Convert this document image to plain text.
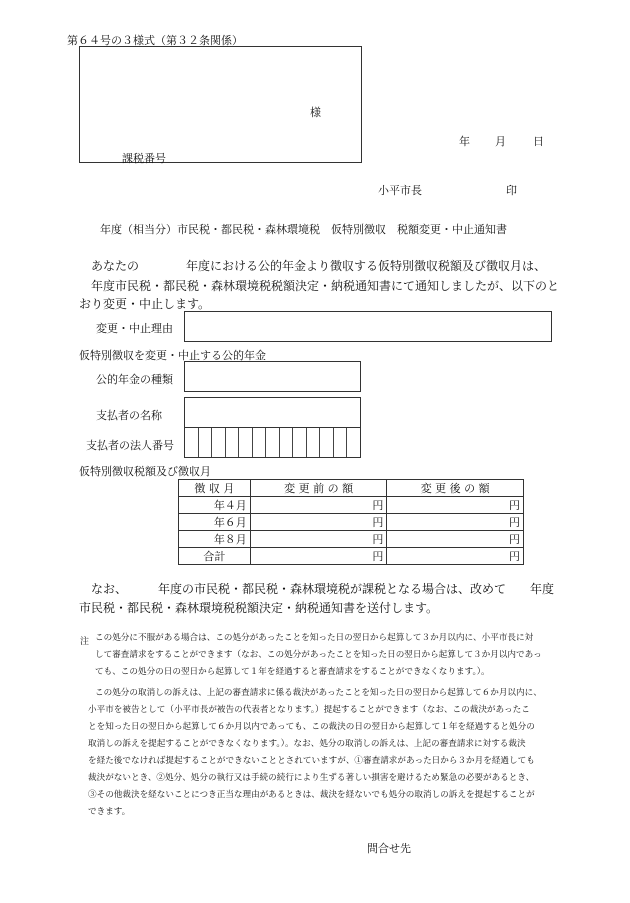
第６４号の３様式（第３２条関係）
様
課税番号
年 月 日
小平市長	印
年度（相当分）市民税・都民税・森林環境税　仮特別徴収　税額変更・中止通知書
あなたの	年度における公的年金より徴収する仮特別徴収税額及び徴収月は、
年度市民税・都民税・森林環境税税額決定・納税通知書にて通知しましたが、以下のと
おり変更・中止します。
変更・中止理由
仮特別徴収を変更・中止する公的年金
公的年金の種類
支払者の名称
支払者の法人番号
仮特別徴収税額及び徴収月
徴 収 月	変 更 前 の 額	変 更 後 の 額
年４月	円	円
年６月	円	円
年８月	円	円
合計	円	円
なお、	年度の市民税・都民税・森林環境税が課税となる場合は、改めて 年度
市民税・都民税・森林環境税税額決定・納税通知書を送付します。
注 この処分に不服がある場合は、この処分があったことを知った日の翌日から起算して３か月以内に、小平市長に対
して審査請求をすることができます（なお、この処分があったことを知った日の翌日から起算して３か月以内であっ
ても、この処分の日の翌日から起算して１年を経過すると審査請求をすることができなくなります。）。
この処分の取消しの訴えは、上記の審査請求に係る裁決があったことを知った日の翌日から起算して６か月以内に、
小平市を被告として（小平市長が被告の代表者となります。）提起することができます（なお、この裁決があったこ
とを知った日の翌日から起算して６か月以内であっても、この裁決の日の翌日から起算して１年を経過すると処分の
取消しの訴えを提起することができなくなります。）。なお、処分の取消しの訴えは、上記の審査請求に対する裁決
を経た後でなければ提起することができないこととされていますが、①審査請求があった日から３か月を経過しても
裁決がないとき、②処分、処分の執行又は手続の続行により生ずる著しい損害を避けるため緊急の必要があるとき、
③その他裁決を経ないことにつき正当な理由があるときは、裁決を経ないでも処分の取消しの訴えを提起することが
できます。
問合せ先
